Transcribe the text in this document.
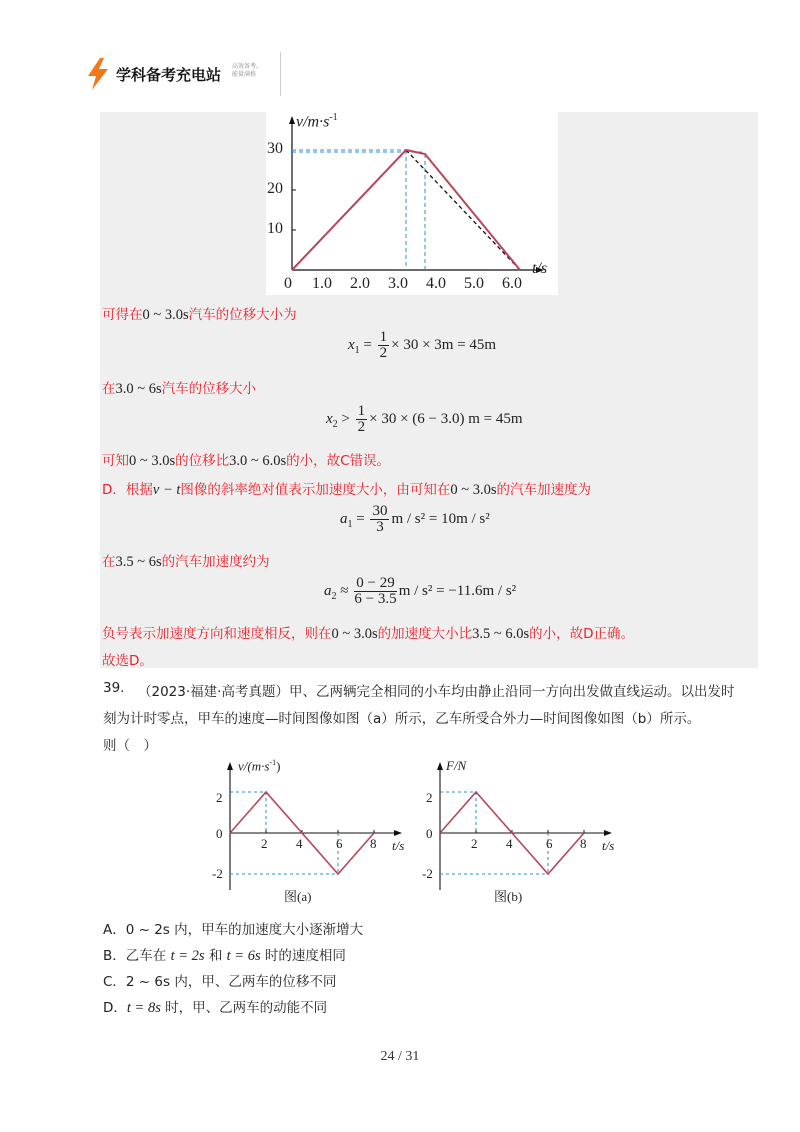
学科备考充电站 高效备考,
能量满格
$v/m\cdot s^{-1}$
30
20
10
0 1.0 2.0 3.0 4.0 5.0 6.0
t/s
可得在0 ~ 3.0s汽车的位移大小为
$x_1 = \frac{1}{2} \times 30 \times 3m = 45m$
在3.0 ~ 6s汽车的位移大小
$x_2 > \frac{1}{2} \times 30 \times (6 - 3.0) m = 45m$
可知0 ~ 3.0s的位移比3.0 ~ 6.0s的小，故C错误。
D．根据v − t图像的斜率绝对值表示加速度大小，由可知在0 ~ 3.0s的汽车加速度为
$a_1 = \frac{30}{3}$ m / s² = 10m / s²
在3.5 ~ 6s的汽车加速度约为
$a_2 \approx \frac{0 - 29}{6 - 3.5}$ m / s² = −11.6m / s²
负号表示加速度方向和速度相反，则在0 ~ 3.0s的加速度大小比3.5 ~ 6.0s的小，故D正确。
故选D。
39. （2023·福建·高考真题）甲、乙两辆完全相同的小车均由静止沿同一方向出发做直线运动。以出发时
刻为计时零点，甲车的速度—时间图像如图（a）所示，乙车所受合外力—时间图像如图（b）所示。
则（　）
$v/(m\cdot s^{-1})$
2
0
-2
2 4	6 8 t/s
图(a)
F/N
2
0
-2
2 4	6 8 t/s
图(b)
A．0 ~ 2s 内，甲车的加速度大小逐渐增大
B．乙车在 t = 2s 和 t = 6s 时的速度相同
C．2 ~ 6s 内，甲、乙两车的位移不同
D．t = 8s 时，甲、乙两车的动能不同
24 / 31
